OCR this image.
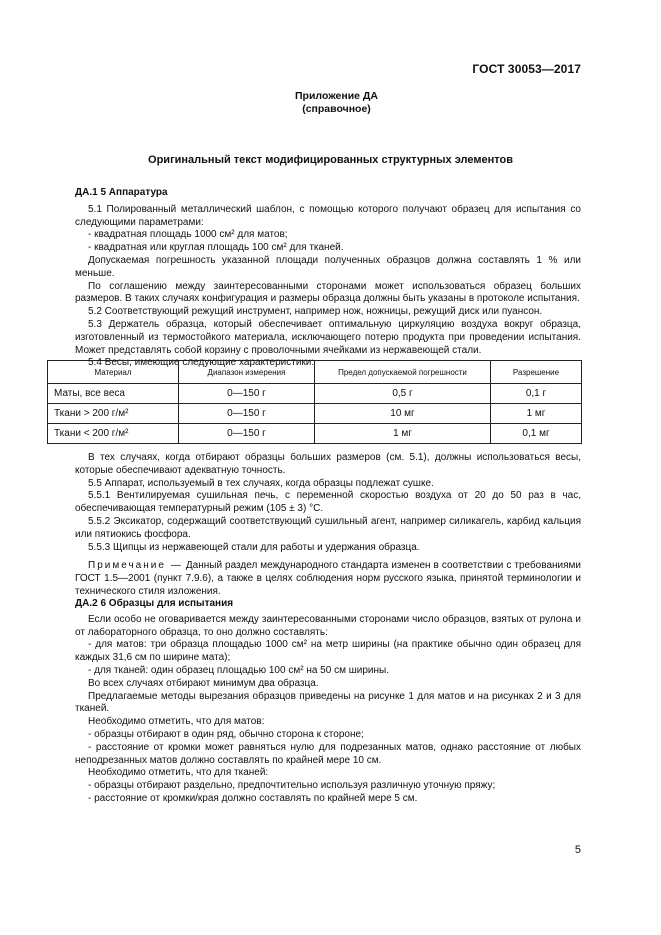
ГОСТ 30053—2017
Приложение ДА
(справочное)
Оригинальный текст модифицированных структурных элементов

ДА.1 5 Аппаратура

5.1 Полированный металлический шаблон, с помощью которого получают образец для испытания со следующими параметрами:

- квадратная площадь 1000 см² для матов;

- квадратная или круглая площадь 100 см² для тканей.

Допускаемая погрешность указанной площади полученных образцов должна составлять 1 % или меньше.

По соглашению между заинтересованными сторонами может использоваться образец больших размеров. В таких случаях конфигурация и размеры образца должны быть указаны в протоколе испытания.

5.2 Соответствующий режущий инструмент, например нож, ножницы, режущий диск или пуансон.

5.3 Держатель образца, который обеспечивает оптимальную циркуляцию воздуха вокруг образца, изготовленный из термостойкого материала, исключающего потерю продукта при проведении испытания. Может представлять собой корзину с проволочными ячейками из нержавеющей стали.

5.4 Весы, имеющие следующие характеристики:

Материал	Диапазон измерения	Предел допускаемой погрешности	Разрешение
Маты, все веса	0—150 г	0,5 г	0,1 г
Ткани > 200 г/м²	0—150 г	10 мг	1 мг
Ткани < 200 г/м²	0—150 г	1 мг	0,1 мг

В тех случаях, когда отбирают образцы больших размеров (см. 5.1), должны использоваться весы, которые обеспечивают адекватную точность.

5.5 Аппарат, используемый в тех случаях, когда образцы подлежат сушке.

5.5.1 Вентилируемая сушильная печь, с переменной скоростью воздуха от 20 до 50 раз в час, обеспечивающая температурный режим (105 ± 3) °С.

5.5.2 Эксикатор, содержащий соответствующий сушильный агент, например силикагель, карбид кальция или пятиокись фосфора.

5.5.3 Щипцы из нержавеющей стали для работы и удержания образца.

Примечание — Данный раздел международного стандарта изменен в соответствии с требованиями ГОСТ 1.5—2001 (пункт 7.9.6), а также в целях соблюдения норм русского языка, принятой терминологии и технического стиля изложения.

ДА.2 6 Образцы для испытания

Если особо не оговаривается между заинтересованными сторонами число образцов, взятых от рулона и от лабораторного образца, то оно должно составлять:

- для матов: три образца площадью 1000 см² на метр ширины (на практике обычно один образец для каждых 31,6 см по ширине мата);

- для тканей: один образец площадью 100 см² на 50 см ширины.

Во всех случаях отбирают минимум два образца.

Предлагаемые методы вырезания образцов приведены на рисунке 1 для матов и на рисунках 2 и 3 для тканей.

Необходимо отметить, что для матов:

- образцы отбирают в один ряд, обычно сторона к стороне;

- расстояние от кромки может равняться нулю для подрезанных матов, однако расстояние от любых неподрезанных матов должно составлять по крайней мере 10 см.

Необходимо отметить, что для тканей:

- образцы отбирают раздельно, предпочтительно используя различную уточную пряжу;

- расстояние от кромки/края должно составлять по крайней мере 5 см.

5
